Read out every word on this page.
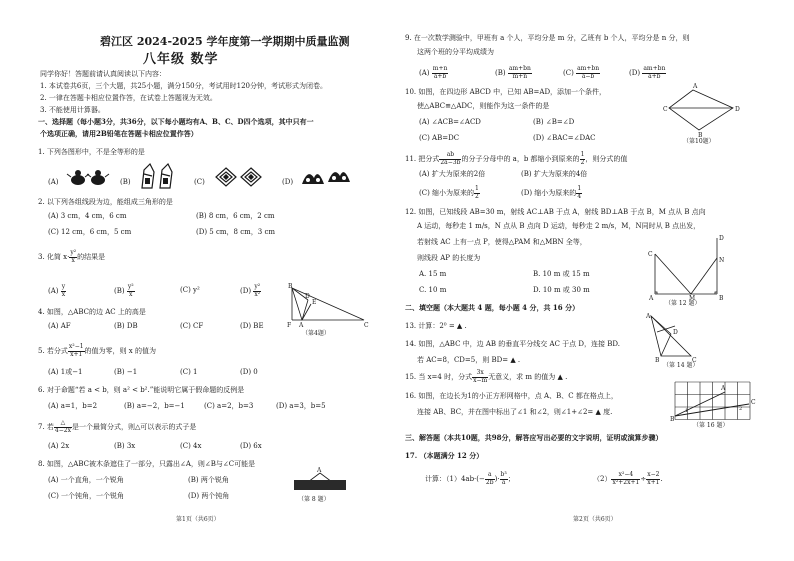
碧江区 2024-2025 学年度第一学期期中质量监测
八年级 数学
同学你好！答题前请认真阅读以下内容：
1. 本试卷共6页，三个大题，共25小题，满分150分，考试用时120分钟，考试形式为闭卷。
2. 一律在答题卡相应位置作答，在试卷上答题视为无效。
3. 不能使用计算器。
一、选择题（每小题3分，共36分，以下每小题均有A、B、C、D四个选项，其中只有一
个选项正确，请用2B铅笔在答题卡相应位置作答）
1. 下列各图形中，不是全等形的是
(A)	(B)	(C)	(D)
2. 以下列各组线段为边，能组成三角形的是
(A) 3 cm，4 cm，6 cm	(B) 8 cm，6 cm，2 cm
(C) 12 cm，6 cm，5 cm	(D) 5 cm，8 cm，3 cm
3. 化简 $x\cdot \frac{\text{y²}}{x}$ 的结果是
$(A) \frac{y}{x}$	$(B) \frac{\text{y²}}{x}$	(C) y²	$(D) \frac{\text{y²}}{\text{x²}}$	B
D
E
F A	C
（第4题）
4. 如图，△ABC的边 AC 上的高是
(A) AF	(B) DB	(C) CF	(D) BE
5. 若分式 $\frac{\text{x²−1}}{x+1}$ 的值为零，则 x 的值为
(A) 1或−1	(B) −1	(C) 1	(D) 0
6. 对于命题“若 a < b，则 a² < b².”能说明它属于假命题的反例是
(A) a=1，b=2	(B) a=−2，b=−1	(C) a=2，b=3	(D) a=3，b=5
7. 若 $\frac{\triangle}{4-2x}$ 是一个最简分式，则△可以表示的式子是
(A) 2x	(B) 3x	(C) 4x	(D) 6x
8. 如图，△ABC被木条遮住了一部分，只露出∠A，则∠B与∠C可能是
(A) 一个直角，一个锐角	(B) 两个锐角
(C) 一个钝角，一个锐角	(D) 两个钝角
A
（第 8 题）
第1页（共6页）
9. 在一次数学测验中，甲班有 a 个人，平均分是 m 分，乙班有 b 个人，平均分是 n 分，则
这两个班的分平均成绩为
$(A) \frac{m+n}{a+b}$	$(B) \frac{am+bn}{m+n}$	$(C) \frac{am+bn}{a-b}$	$(D) \frac{am+bn}{a+b}$
10. 如图，在四边形 ABCD 中，已知 AB=AD，添加一个条件，
使△ABC≌△ADC，则能作为这一条件的是
(A) ∠ACB=∠ACD	(B) ∠B=∠D
(C) AB=DC	(D) ∠BAC=∠DAC
A
D
C
B
（第10题）
11. 把分式 $\frac{ab}{2a-3b}$ 的分子分母中的 a，b 都缩小到原来的 $\frac{1}{2}$ ，则分式的值
(A) 扩大为原来的2倍	(B) 扩大为原来的4倍
(C) 缩小为原来的 $\frac{1}{2}$	(D) 缩小为原来的 $\frac{1}{4}$
12. 如图，已知线段 AB=30 m，射线 AC⊥AB 于点 A，射线 BD⊥AB 于点 B，M 点从 B 点向
A 运动，每秒走 1 m/s，N 点从 B 点向 D 运动，每秒走 2 m/s，M，N同时从 B 点出发，
若射线 AC 上有一点 P，使得△PAM 和△MBN 全等，
则线段 AP 的长度为
A. 15 m	B. 10 m 或 15 m
C. 10 m	D. 10 m 或 30 m
C
A	M	B
N
D
（第 12 题）
二、填空题（本大题共 4 题，每小题 4 分，共 16 分）
13. 计算：2⁰ = ▲ .
14. 如图，△ABC 中，边 AB 的垂直平分线交 AC 于点 D，连接 BD.
若 AC=8，CD=5，则 BD= ▲ .
A
D
B	C
（第 14 题）
15. 当 x=4 时，分式 $\frac{3x}{x-m}$ 无意义，求 m 的值为 ▲ .
16. 如图，在边长为1的小正方形网格中，点 A、B、C 都在格点上，
连接 AB、BC，并在图中标出了∠1 和∠2，则∠1+∠2= ▲ 度.
B
A
C
1	2
（第 16 题）
三、解答题（本共10题，共98分，解答应写出必要的文字说明，证明或演算步骤）
17. （本题满分 12 分）
计算：$(1)4ab\cdot(- \frac{a}{2b}$ )· $\frac{\text{b³}}{a}$ ；	$(2) \frac{\text{x²−4}}{\text{x²+2x+1}} \div \frac{x-2}{x+1}$ .
第2页（共6页）
